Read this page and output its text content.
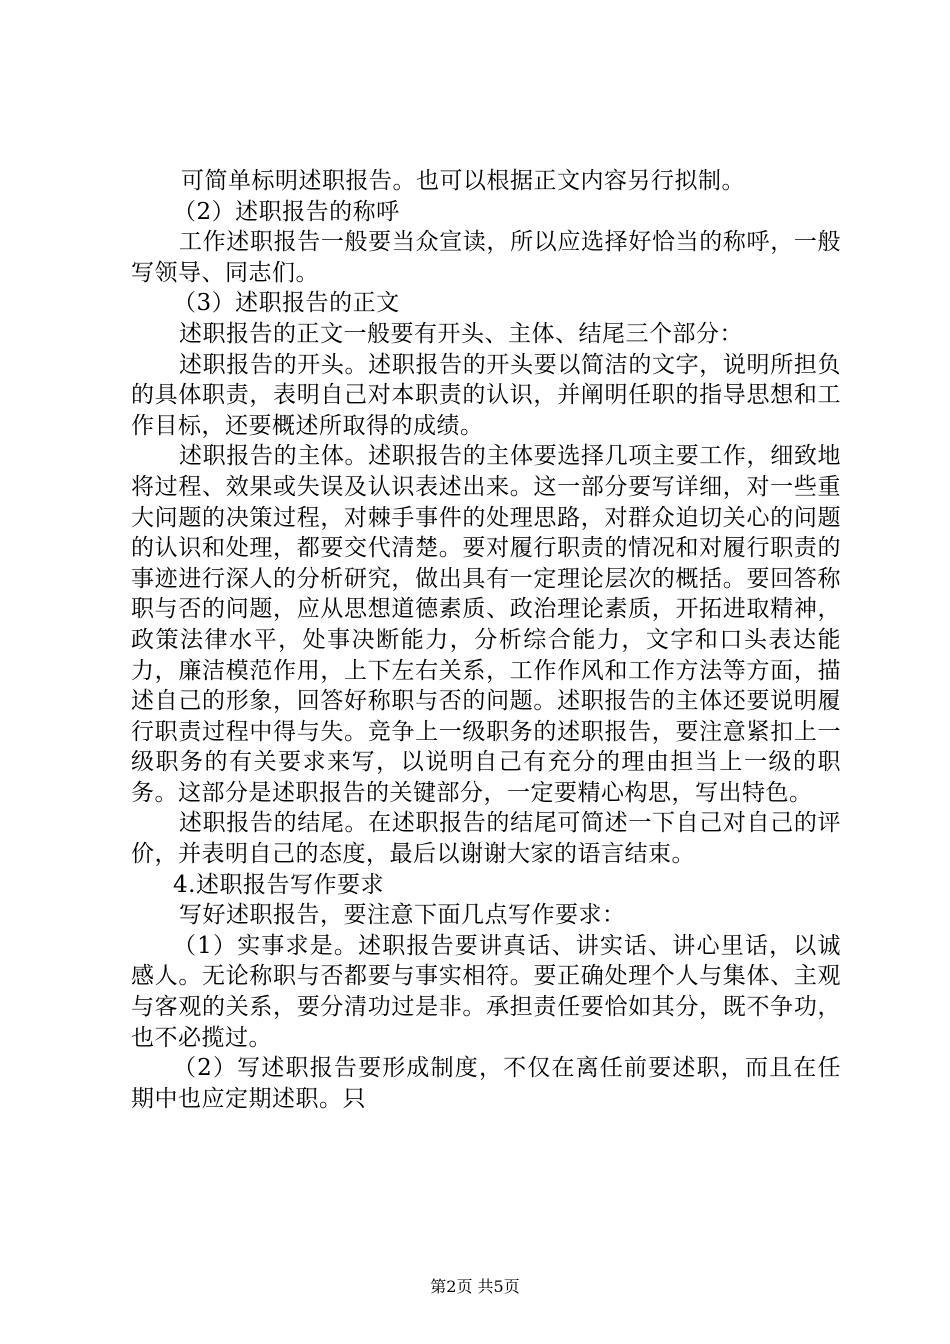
可简单标明述职报告。也可以根据正文内容另行拟制。

（2）述职报告的称呼

工作述职报告一般要当众宣读，所以应选择好恰当的称呼，一般写领导、同志们。

（3）述职报告的正文

述职报告的正文一般要有开头、主体、结尾三个部分：

述职报告的开头。述职报告的开头要以简洁的文字，说明所担负的具体职责，表明自己对本职责的认识，并阐明任职的指导思想和工作目标，还要概述所取得的成绩。

述职报告的主体。述职报告的主体要选择几项主要工作，细致地将过程、效果或失误及认识表述出来。这一部分要写详细，对一些重大问题的决策过程，对棘手事件的处理思路，对群众迫切关心的问题的认识和处理，都要交代清楚。要对履行职责的情况和对履行职责的事迹进行深人的分析研究，做出具有一定理论层次的概括。要回答称职与否的问题，应从思想道德素质、政治理论素质，开拓进取精神，政策法律水平，处事决断能力，分析综合能力，文字和口头表达能力，廉洁模范作用，上下左右关系，工作作风和工作方法等方面，描述自己的形象，回答好称职与否的问题。述职报告的主体还要说明履行职责过程中得与失。竞争上一级职务的述职报告，要注意紧扣上一级职务的有关要求来写，以说明自己有充分的理由担当上一级的职务。这部分是述职报告的关键部分，一定要精心构思，写出特色。

述职报告的结尾。在述职报告的结尾可简述一下自己对自己的评价，并表明自己的态度，最后以谢谢大家的语言结束。

4.述职报告写作要求

写好述职报告，要注意下面几点写作要求：

（1）实事求是。述职报告要讲真话、讲实话、讲心里话，以诚感人。无论称职与否都要与事实相符。要正确处理个人与集体、主观与客观的关系，要分清功过是非。承担责任要恰如其分，既不争功，也不必揽过。

（2）写述职报告要形成制度，不仅在离任前要述职，而且在任期中也应定期述职。只

第2页 共5页
